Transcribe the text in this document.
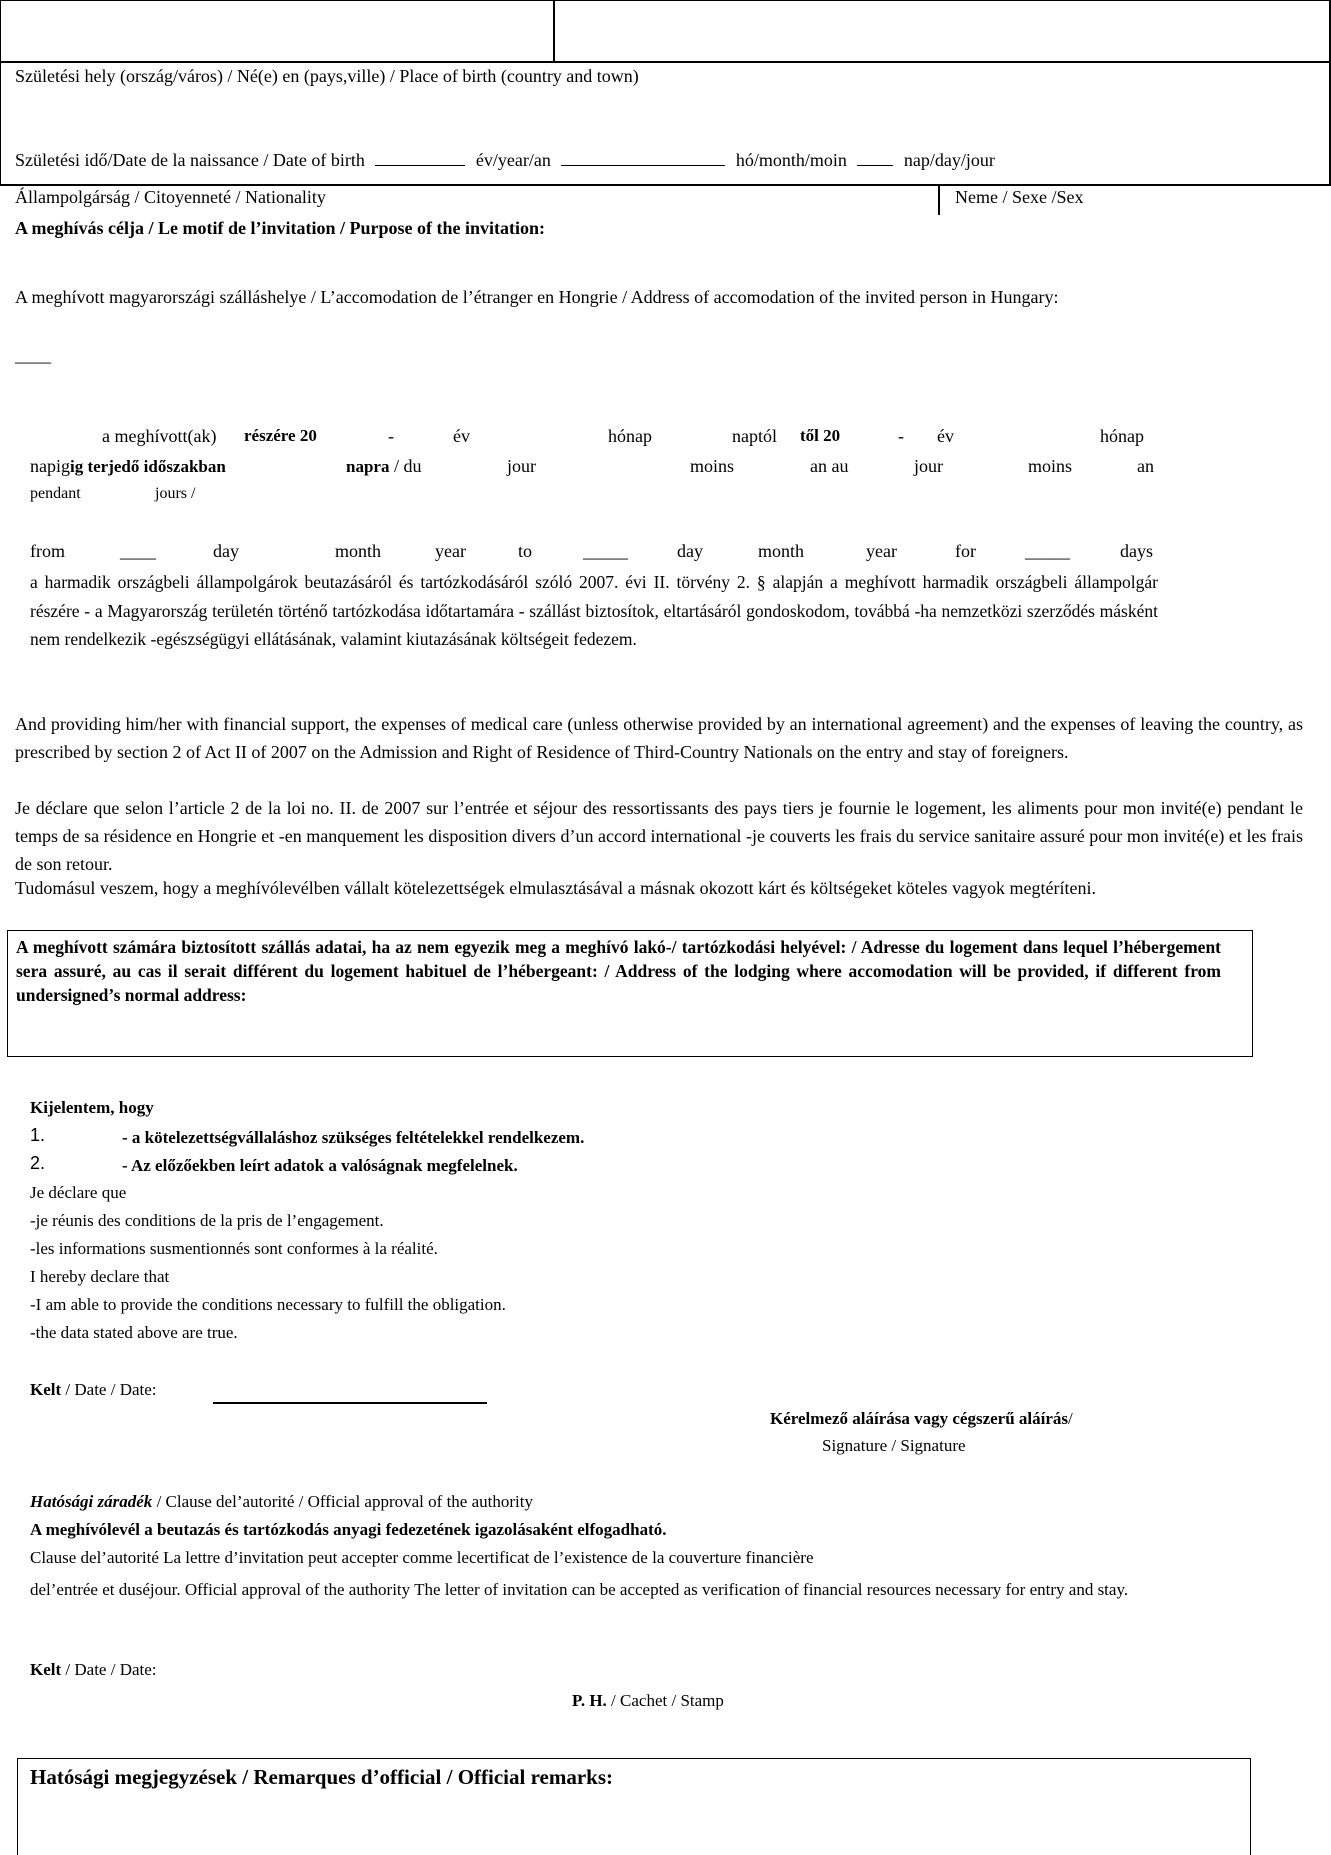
Születési hely (ország/város) / Né(e) en (pays,ville) / Place of birth (country and town)
Születési idő/Date de la naissance / Date of birth	év/year/an	hó/month/moin	nap/day/jour
Állampolgárság / Citoyenneté / Nationality	Neme / Sexe /Sex
A meghívás célja / Le motif de l’invitation / Purpose of the invitation:
A meghívott magyarországi szálláshelye / L’accomodation de l’étranger en Hongrie / Address of accomodation of the invited person in Hungary:
____
a meghívott(ak) részére 20	-	év	hónap	naptól től 20	- év	hónap
napigig terjedő időszakban	napra / du	jour	moins	an au	jour	moins	an
pendant	jours /
from	____	day	month	year	to	_____	day	month	year	for	_____	days
a harmadik országbeli állampolgárok beutazásáról és tartózkodásáról szóló 2007. évi II. törvény 2. § alapján a meghívott harmadik országbeli állampolgár részére - a Magyarország területén történő tartózkodása időtartamára - szállást biztosítok, eltartásáról gondoskodom, továbbá -ha nemzetközi szerződés másként nem rendelkezik -egészségügyi ellátásának, valamint kiutazásának költségeit fedezem.
And providing him/her with financial support, the expenses of medical care (unless otherwise provided by an international agreement) and the expenses of leaving the country, as prescribed by section 2 of Act II of 2007 on the Admission and Right of Residence of Third-Country Nationals on the entry and stay of foreigners.
Je déclare que selon l’article 2 de la loi no. II. de 2007 sur l’entrée et séjour des ressortissants des pays tiers je fournie le logement, les aliments pour mon invité(e) pendant le temps de sa résidence en Hongrie et -en manquement les disposition divers d’un accord international -je couverts les frais du service sanitaire assuré pour mon invité(e) et les frais de son retour.
Tudomásul veszem, hogy a meghívólevélben vállalt kötelezettségek elmulasztásával a másnak okozott kárt és költségeket köteles vagyok megtéríteni.
A meghívott számára biztosított szállás adatai, ha az nem egyezik meg a meghívó lakó-/ tartózkodási helyével: / Adresse du logement dans lequel l’hébergement sera assuré, au cas il serait différent du logement habituel de l’hébergeant: / Address of the lodging where accomodation will be provided, if different from undersigned’s normal address:
Kijelentem, hogy
1.	- a kötelezettségvállaláshoz szükséges feltételekkel rendelkezem.
2.	- Az előzőekben leírt adatok a valóságnak megfelelnek.
Je déclare que
-je réunis des conditions de la pris de l’engagement.
-les informations susmentionnés sont conformes à la réalité.
I hereby declare that
-I am able to provide the conditions necessary to fulfill the obligation.
-the data stated above are true.
Kelt / Date / Date:
Kérelmező aláírása vagy cégszerű aláírás/
Signature / Signature
Hatósági záradék / Clause del’autorité / Official approval of the authority
A meghívólevél a beutazás és tartózkodás anyagi fedezetének igazolásaként elfogadható.
Clause del’autorité La lettre d’invitation peut accepter comme lecertificat de l’existence de la couverture financière
del’entrée et duséjour. Official approval of the authority The letter of invitation can be accepted as verification of financial resources necessary for entry and stay.
Kelt / Date / Date:
P. H. / Cachet / Stamp
Hatósági megjegyzések / Remarques d’official / Official remarks:
